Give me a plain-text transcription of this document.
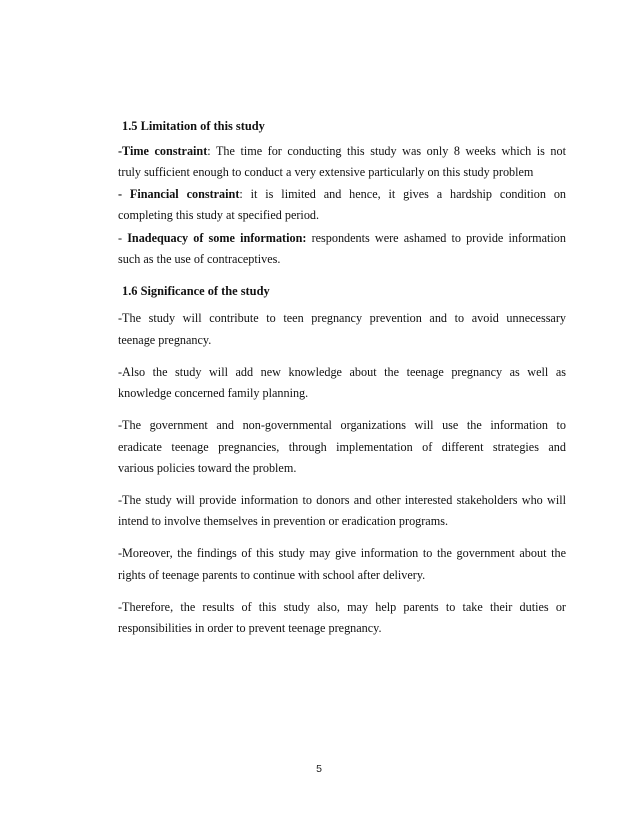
1.5 Limitation of this study
-Time constraint: The time for conducting this study was only 8 weeks which is not
truly sufficient enough to conduct a very extensive particularly on this study problem
- Financial constraint: it is limited and hence, it gives a hardship condition on
completing this study at specified period.
- Inadequacy of some information: respondents were ashamed to provide information
such as the use of contraceptives.
1.6 Significance of the study
-The study will contribute to teen pregnancy prevention and to avoid unnecessary
teenage pregnancy.
-Also the study will add new knowledge about the teenage pregnancy as well as
knowledge concerned family planning.
-The government and non-governmental organizations will use the information to
eradicate teenage pregnancies, through implementation of different strategies and
various policies toward the problem.
-The study will provide information to donors and other interested stakeholders who will
intend to involve themselves in prevention or eradication programs.
-Moreover, the findings of this study may give information to the government about the
rights of teenage parents to continue with school after delivery.
-Therefore, the results of this study also, may help parents to take their duties or
responsibilities in order to prevent teenage pregnancy.
5
